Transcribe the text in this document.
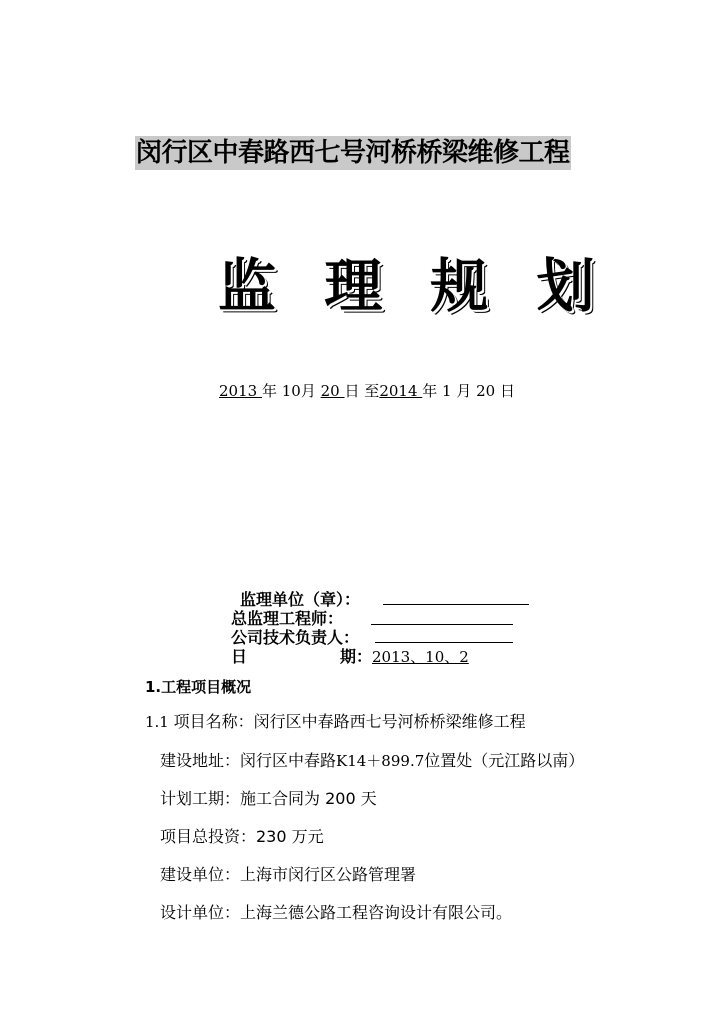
闵行区中春路西七号河桥桥梁维修工程
监 理 规 划
2013 年 10月 20 日 至2014 年 1 月 20 日
监理单位（章）：
总监理工程师：
公司技术负责人：
日	期： 2013、10、2
1.工程项目概况
1.1 项目名称：闵行区中春路西七号河桥桥梁维修工程
建设地址：闵行区中春路K14＋899.7位置处（元江路以南）
计划工期：施工合同为 200 天
项目总投资：230 万元
建设单位：上海市闵行区公路管理署
设计单位：上海兰德公路工程咨询设计有限公司。
